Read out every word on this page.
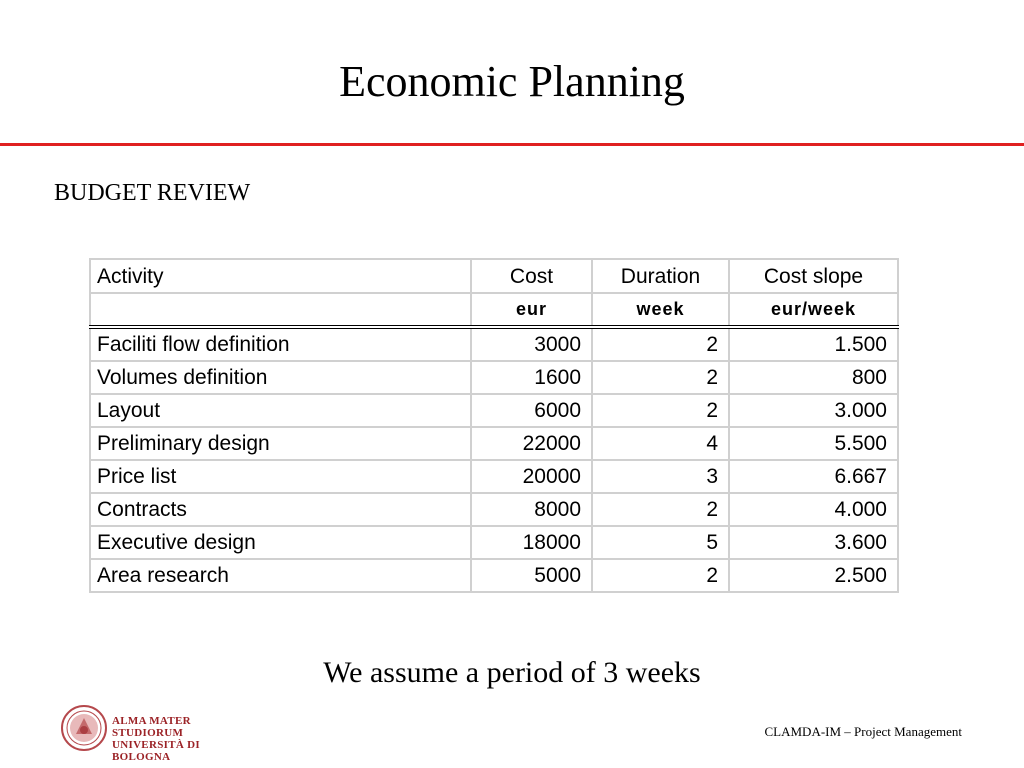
Economic Planning
BUDGET REVIEW
Activity	Cost	Duration	Cost slope
	eur	week	eur/week
Faciliti flow definition	3000	2	1.500
Volumes definition	1600	2	800
Layout	6000	2	3.000
Preliminary design	22000	4	5.500
Price list	20000	3	6.667
Contracts	8000	2	4.000
Executive design	18000	5	3.600
Area research	5000	2	2.500
We assume a period of 3 weeks
ALMA MATER STUDIORUM
UNIVERSITÀ DI BOLOGNA
CLAMDA-IM – Project Management
